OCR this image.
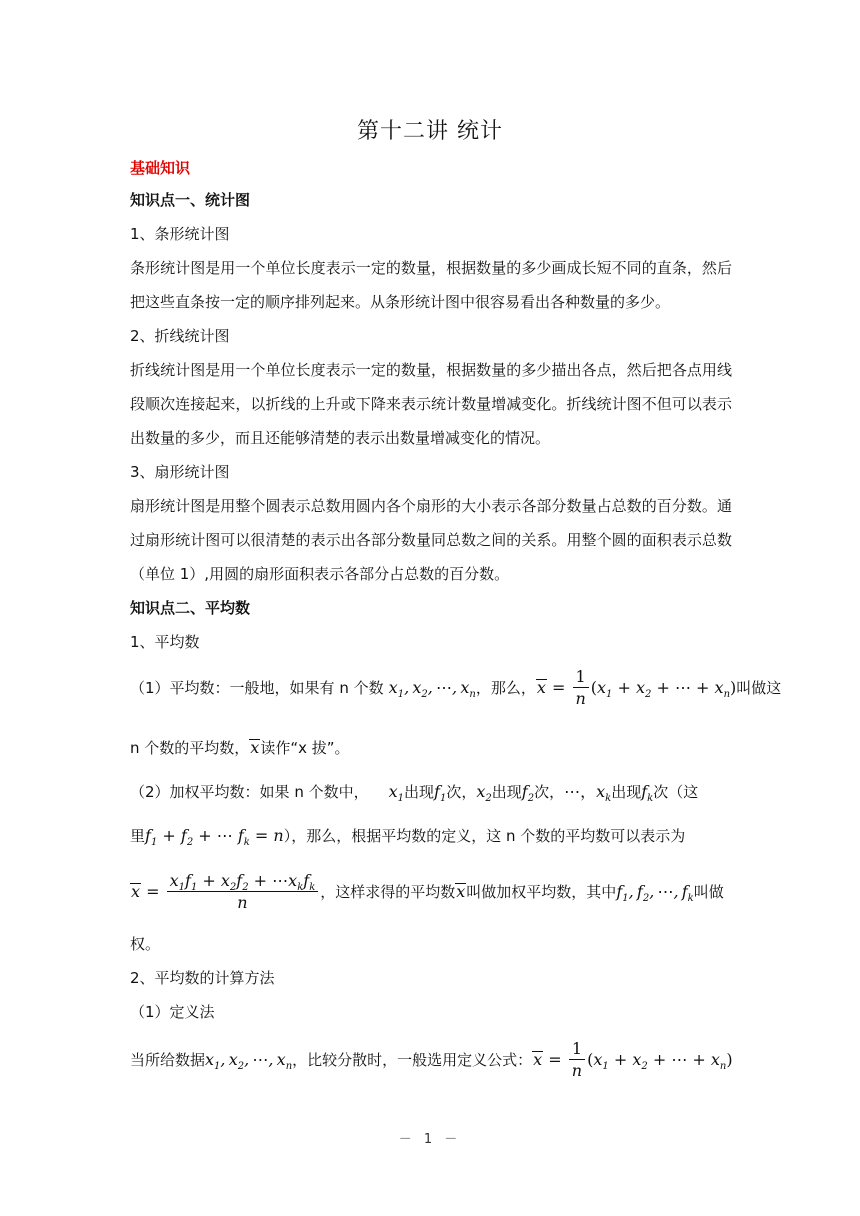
第十二讲 统计
基础知识
知识点一、统计图
1、条形统计图
条形统计图是用一个单位长度表示一定的数量，根据数量的多少画成长短不同的直条，然后
把这些直条按一定的顺序排列起来。从条形统计图中很容易看出各种数量的多少。
2、折线统计图
折线统计图是用一个单位长度表示一定的数量，根据数量的多少描出各点，然后把各点用线
段顺次连接起来，以折线的上升或下降来表示统计数量增减变化。折线统计图不但可以表示
出数量的多少，而且还能够清楚的表示出数量增减变化的情况。
3、扇形统计图
扇形统计图是用整个圆表示总数用圆内各个扇形的大小表示各部分数量占总数的百分数。通
过扇形统计图可以很清楚的表示出各部分数量同总数之间的关系。用整个圆的面积表示总数
（单位 1）,用圆的扇形面积表示各部分占总数的百分数。
知识点二、平均数
1、平均数
（1）平均数：一般地，如果有 n 个数 $x_1$, $x_2$, ⋯, $x_n$ ，那么， $x = \frac{1}{n} (x_1 + x_2$ + ⋯ + $x_n$) 叫做这
n 个数的平均数，x读作“x 拔”。
（2）加权平均数：如果 n 个数中，    $x_1$出现$f_1$次，$x_2$出现$f_2$次，⋯，$x_k$出现$f_k$次（这
里$f_1 + f_2$ + ⋯ $f_k = n$），那么，根据平均数的定义，这 n 个数的平均数可以表示为
$x = \frac{x_1f_1 + x_2f_2 + \cdots x_kf_k}{n}$ ，这样求得的平均数 x 叫做加权平均数，其中 $f_1$, $f_2$, ⋯, $f_k$ 叫做
权。
2、平均数的计算方法
（1）定义法
当所给数据 $x_1$, $x_2$, ⋯, $x_n$ ，比较分散时，一般选用定义公式： $x = \frac{1}{n} (x_1 + x_2$ + ⋯ + $x_n$)
－ 1 －
